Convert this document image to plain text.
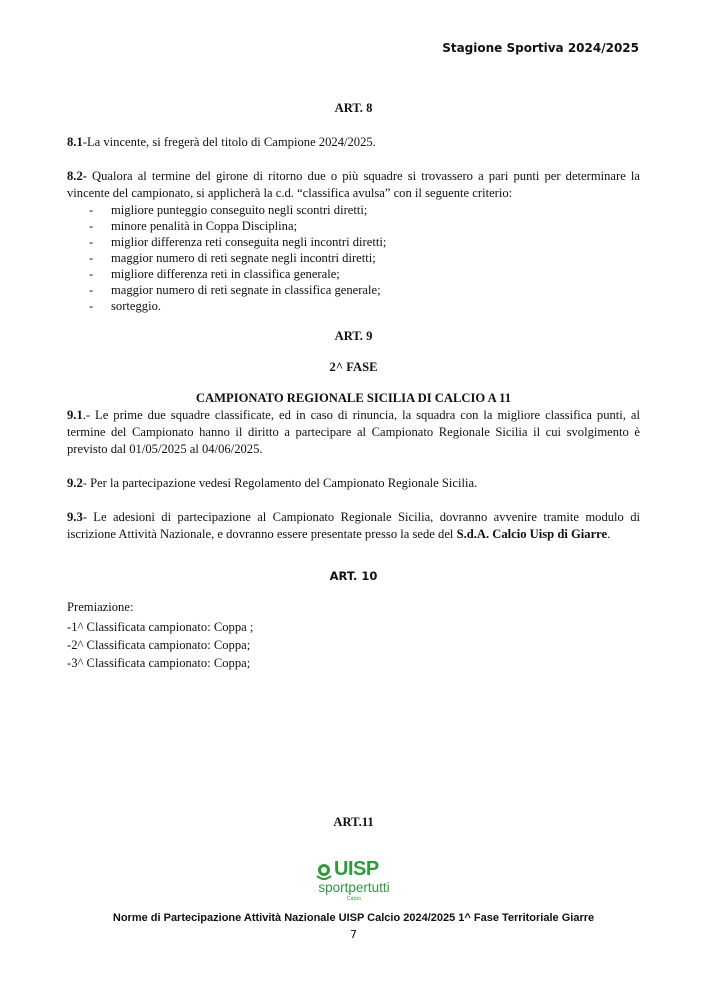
Stagione Sportiva 2024/2025

ART. 8

8.1-La vincente, si fregerà del titolo di Campione 2024/2025.

8.2- Qualora al termine del girone di ritorno due o più squadre si trovassero a pari punti per determinare la vincente del campionato, si applicherà la c.d. “classifica avulsa” con il seguente criterio:

- migliore punteggio conseguito negli scontri diretti;
- minore penalità in Coppa Disciplina;
- miglior differenza reti conseguita negli incontri diretti;
- maggior numero di reti segnate negli incontri diretti;
- migliore differenza reti in classifica generale;
- maggior numero di reti segnate in classifica generale;
- sorteggio.

ART. 9

2^ FASE

CAMPIONATO REGIONALE SICILIA DI CALCIO A 11

9.1.- Le prime due squadre classificate, ed in caso di rinuncia, la squadra con la migliore classifica punti, al termine del Campionato hanno il diritto a partecipare al Campionato Regionale Sicilia il cui svolgimento è previsto dal 01/05/2025 al 04/06/2025.

9.2- Per la partecipazione vedesi Regolamento del Campionato Regionale Sicilia.

9.3- Le adesioni di partecipazione al Campionato Regionale Sicilia, dovranno avvenire tramite modulo di iscrizione Attività Nazionale, e dovranno essere presentate presso la sede del S.d.A. Calcio Uisp di Giarre.

ART. 10

Premiazione:

-1^ Classificata campionato: Coppa ;

-2^ Classificata campionato: Coppa;

-3^ Classificata campionato: Coppa;

ART.11
UISP
sportpertutti
Calcio
Norme di Partecipazione Attività Nazionale UISP Calcio 2024/2025 1^ Fase Territoriale Giarre
7
